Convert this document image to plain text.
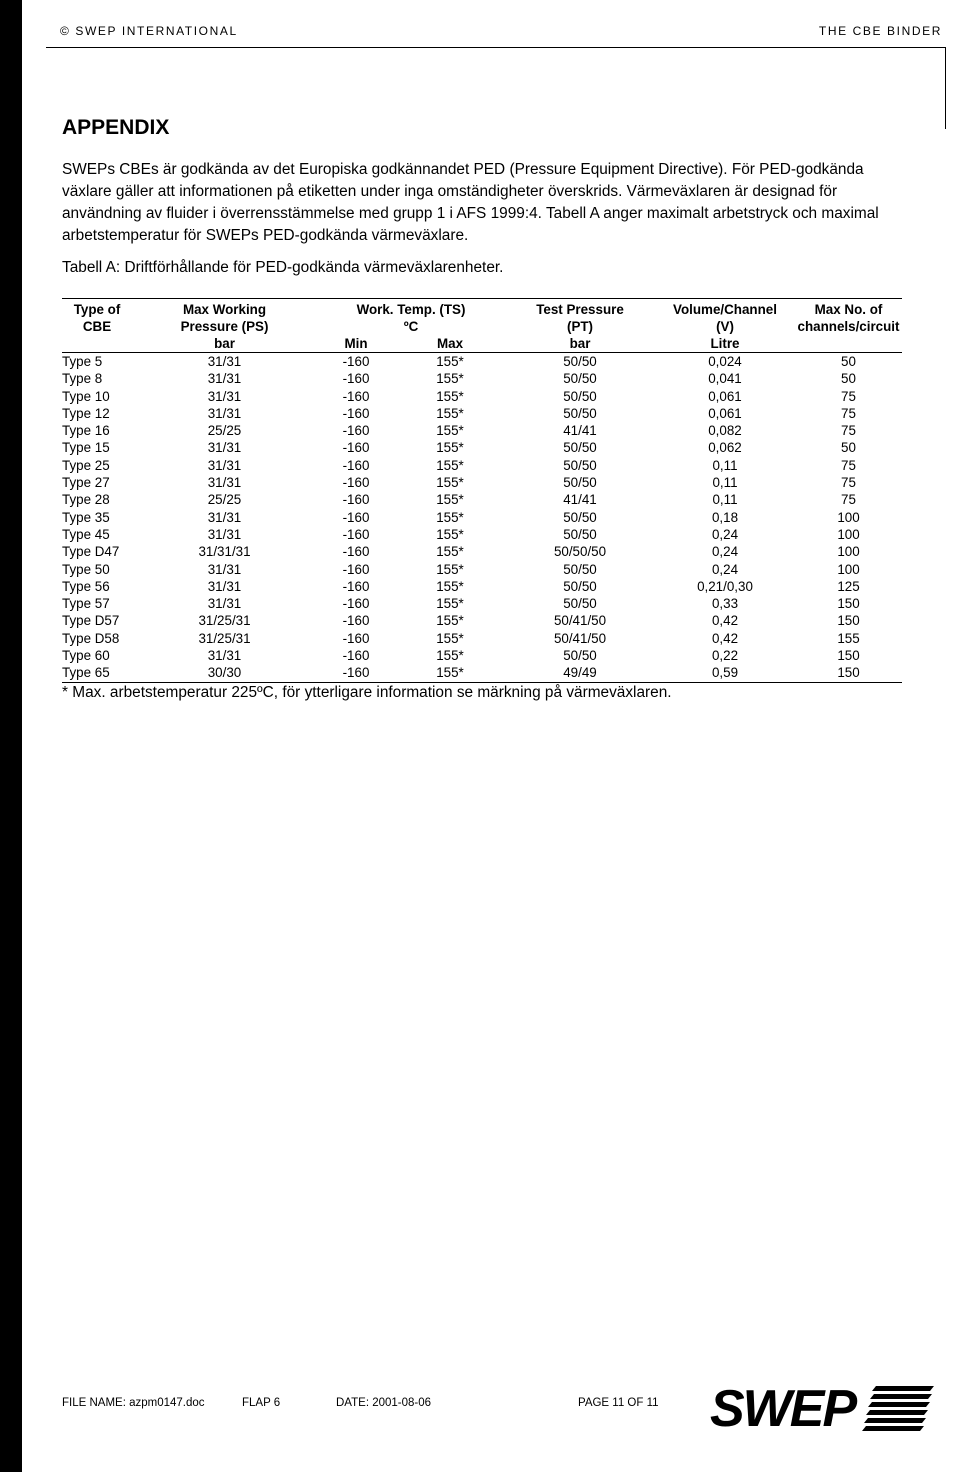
© SWEP INTERNATIONAL	THE CBE BINDER
APPENDIX

SWEPs CBEs är godkända av det Europiska godkännandet PED (Pressure Equipment Directive). För PED-godkända växlare gäller att informationen på etiketten under inga omständigheter överskrids. Värmeväxlaren är designad för användning av fluider i överrensstämmelse med grupp 1 i AFS 1999:4. Tabell A anger maximalt arbetstryck och maximal arbetstemperatur för SWEPs PED-godkända värmeväxlare.

Tabell A: Driftförhållande för PED-godkända värmeväxlarenheter.
Type of	Max Working	Work. Temp. (TS)		Test Pressure	Volume/Channel	Max No. of
CBE	Pressure (PS)	ºC		(PT)	(V)	channels/circuit
	bar	Min	Max	bar	Litre	
Type 5	31/31	-160	155*	50/50	0,024	50
Type 8	31/31	-160	155*	50/50	0,041	50
Type 10	31/31	-160	155*	50/50	0,061	75
Type 12	31/31	-160	155*	50/50	0,061	75
Type 16	25/25	-160	155*	41/41	0,082	75
Type 15	31/31	-160	155*	50/50	0,062	50
Type 25	31/31	-160	155*	50/50	0,11	75
Type 27	31/31	-160	155*	50/50	0,11	75
Type 28	25/25	-160	155*	41/41	0,11	75
Type 35	31/31	-160	155*	50/50	0,18	100
Type 45	31/31	-160	155*	50/50	0,24	100
Type D47	31/31/31	-160	155*	50/50/50	0,24	100
Type 50	31/31	-160	155*	50/50	0,24	100
Type 56	31/31	-160	155*	50/50	0,21/0,30	125
Type 57	31/31	-160	155*	50/50	0,33	150
Type D57	31/25/31	-160	155*	50/41/50	0,42	150
Type D58	31/25/31	-160	155*	50/41/50	0,42	155
Type 60	31/31	-160	155*	50/50	0,22	150
Type 65	30/30	-160	155*	49/49	0,59	150
* Max. arbetstemperatur 225ºC, för ytterligare information se märkning på värmeväxlaren.
FILE NAME: azpm0147.doc	FLAP 6	DATE: 2001-08-06	PAGE 11 OF 11 SWEP
